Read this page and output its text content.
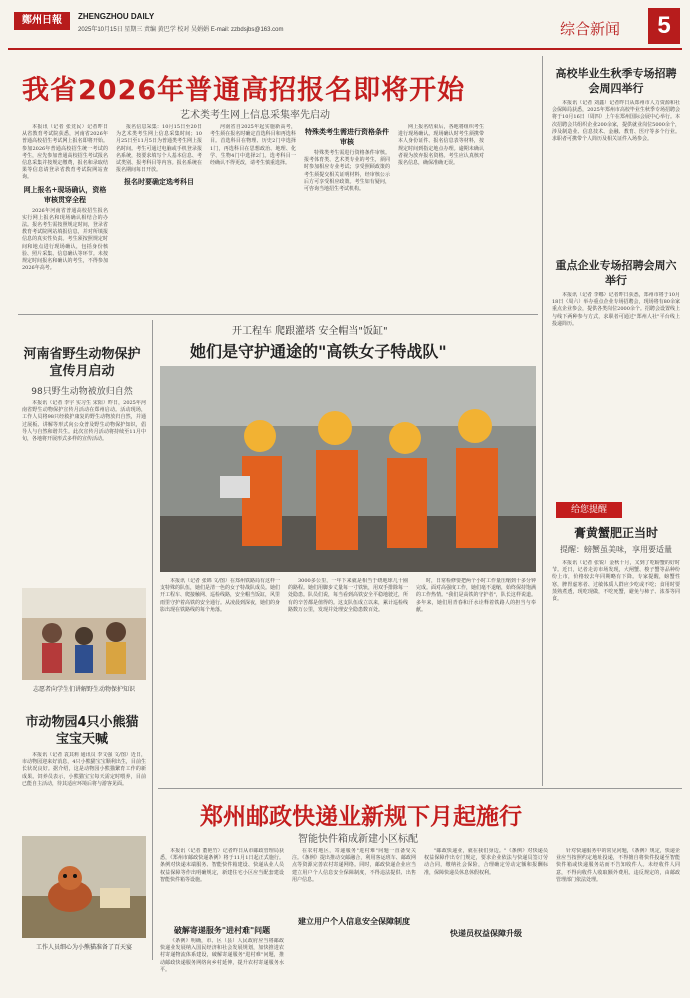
鄭州日報	ZHENGZHOU DAILY
2025年10月15日 星期三 责编 黄巴学 校对 吴娟娟 E-mail: zzbdsjbs@163.com	综合新闻	5
我省2026年普通高招报名即将开始
艺术类考生网上信息采集率先启动

本报讯（记者 张竞民）记者昨日从省教育考试院获悉，河南省2026年普通高校招生考试网上报名即将开始。参加2026年普通高校招生统一考试的考生，应先参加普通高校招生考试报名信息采集并按规定缴费，报名和录取结果等信息请登录省教育考试院网站查询。

网上报名+现场确认，资格审核贯穿全程

2026年河南省普通高校招生报名实行网上报名和现场确认相结合的办法。报名考生需按照规定时间，登录省教育考试院网站填报信息，并对所填报信息的真实性负责。考生须按照规定时间和地点进行现场确认，包括身份核验、照片采集、信息确认等环节。未按规定时间报名和确认的考生，不得参加2026年高考。

报名信息采集：10月15日至20日为艺术类考生网上信息采集时间；10月25日至11月5日为普通类考生网上报名时间。考生可通过电脑或手机登录报名系统，按要求填写个人基本信息、考试类别、报考科目等内容。报名系统在报名期间每日开放。

报名时要确定选考科目

河南省自2025年起实施新高考，考生须在报名时确定首选科目和再选科目。首选科目在物理、历史2门中选择1门，再选科目在思想政治、地理、化学、生物4门中选择2门。选考科目一经确认不得更改，请考生慎重选择。

特殊类考生需进行资格条件审核

特殊类考生需进行资格条件审核。报考体育类、艺术类专业的考生，须同时参加相应专业考试；享受照顾政策的考生须提交相关证明材料，经审核公示后方可享受相应政策。考生如有疑问，可咨询当地招生考试机构。

网上报名结束后，各地将组织考生进行现场确认。现场确认时考生须携带本人身份证件、报名信息表等材料，按规定时间到指定地点办理。逾期未确认者视为放弃报名资格。考生应认真核对报名信息，确保准确无误。

河南省野生动物保护宣传月启动
98只野生动物被放归自然

本报讯（记者 李宇 实习生 宋阳）昨日，2025年河南省野生动物保护宣传月活动在郑州启动。活动现场，工作人员将98只经救护康复的野生动物放归自然，并通过展板、讲解等形式向公众普及野生动物保护知识，倡导人与自然和谐共生。此次宣传月活动将持续至11月中旬，各地将开展形式多样的宣传活动。

志愿者向学生们讲解野生动物保护知识
市动物园4只小熊猫宝宝天喊

本报讯（记者 袁其莉 通讯员 李文强 文/图）近日，市动物园迎来好消息，4只小熊猫宝宝顺利出生，目前生长状况良好。据介绍，这是动物园小熊猫繁育工作的新成果。饲养员表示，小熊猫宝宝每天需定时喂养，目前已能自主活动，待其适应环境后将与游客见面。

工作人员细心为小熊猫准备了百天宴
开工程车 爬跟灌塔 安全帽当"饭缸"
她们是守护通途的"高铁女子特战队"

本报讯（记者 张锦 文/图）在郑州铁路局有这样一支特殊的队伍，她们是清一色的女子特战队成员。她们开工程车、爬接触网、巡检线路，安全帽当饭缸，风里雨里守护着高铁的安全通行。从凌晨到深夜，她们的身影出现在铁路线的每个角落。

3000多公里，一年下来就是相当于绕地球几十圈的路程。她们用脚步丈量每一寸铁轨，用双手排除每一处隐患。队员们说，每当看到高铁安全平稳地驶过，所有的辛苦都是值得的。这支队伍成立以来，累计巡检线路数万公里，发现并处理安全隐患数百处。

时，日常检修要把两个小时工作量压缩到十多分钟完成。面对高强度工作，她们毫不退缩，始终保持饱满的工作热情。"我们是高铁的守护者"，队长这样说道。多年来，她们用青春和汗水诠释着铁路人的担当与奉献。

高校毕业生秋季专场招聘会周四举行

本报讯（记者 刘鑫）记者昨日从郑州市人力资源和社会保障局获悉，2025年郑州市高校毕业生秋季专场招聘会将于10月16日（周四）上午在郑州国际会展中心举行。本次招聘会共组织企业200余家，提供就业岗位5000余个，涉及制造业、信息技术、金融、教育、医疗等多个行业。求职者可携带个人简历及相关证件入场参会。

重点企业专场招聘会周六举行

本报讯（记者 李娜）记者昨日获悉，郑州市将于10月18日（周六）举办重点企业专场招聘会，现场将有80余家重点企业参会，提供各类岗位2000余个。招聘会设置线上与线下两种参与方式，求职者可通过"郑州人社"平台线上投递简历。

给您提醒
膏黄蟹肥正当时
提醒：螃蟹虽美味，享用要适量

本报讯（记者 张锐）金秋十月，又到了吃螃蟹的好时节。近日，记者走访市场发现，大闸蟹、梭子蟹等品种纷纷上市，价格较去年同期略有下降。专家提醒，螃蟹性寒，脾胃虚寒者、过敏体质人群应少吃或不吃；食用时要蒸熟煮透，现吃现做，不吃死蟹，避免与柿子、浓茶等同食。

郑州邮政快递业新规下月起施行
智能快件箱成新建小区标配

本报讯（记者 董艳竹）记者昨日从市邮政管理局获悉，《郑州市邮政快递条例》将于11月1日起正式施行。条例对快递末端服务、智能快件箱建设、快递从业人员权益保障等作出明确规定，新建住宅小区应当配套建设智能快件箱等设施。

破解寄递服务"进村难"问题

《条例》明确，市、区（县）人民政府应当将邮政快递业发展纳入国民经济和社会发展规划，加快推进农村寄递物流体系建设，破解寄递服务"进村难"问题，推动邮政快递服务网络向乡村延伸，提升农村寄递服务水平。

在农村地区，寄递服务"进村难"问题一直备受关注。《条例》提出推动交邮融合，利用客运班车、邮政网点等资源完善农村寄递网络。同时，邮政快递企业应当建立用户个人信息安全保障制度，不得违法提供、出售用户信息。

建立用户个人信息安全保障制度

"邮政快递业，就在我们身边。"《条例》对快递员权益保障作出专门规定，要求企业依法与快递员签订劳动合同，缴纳社会保险，合理确定劳动定额和报酬标准，保障快递员休息休假权利。

快递员权益保障升级

针对快递服务中的常见问题，《条例》规定，快递企业应当按照约定地址投递，不得擅自将快件投递至智能快件箱或快递服务站而不告知收件人。未经收件人同意，不得向收件人收取额外费用。违反规定的，由邮政管理部门依法处理。
